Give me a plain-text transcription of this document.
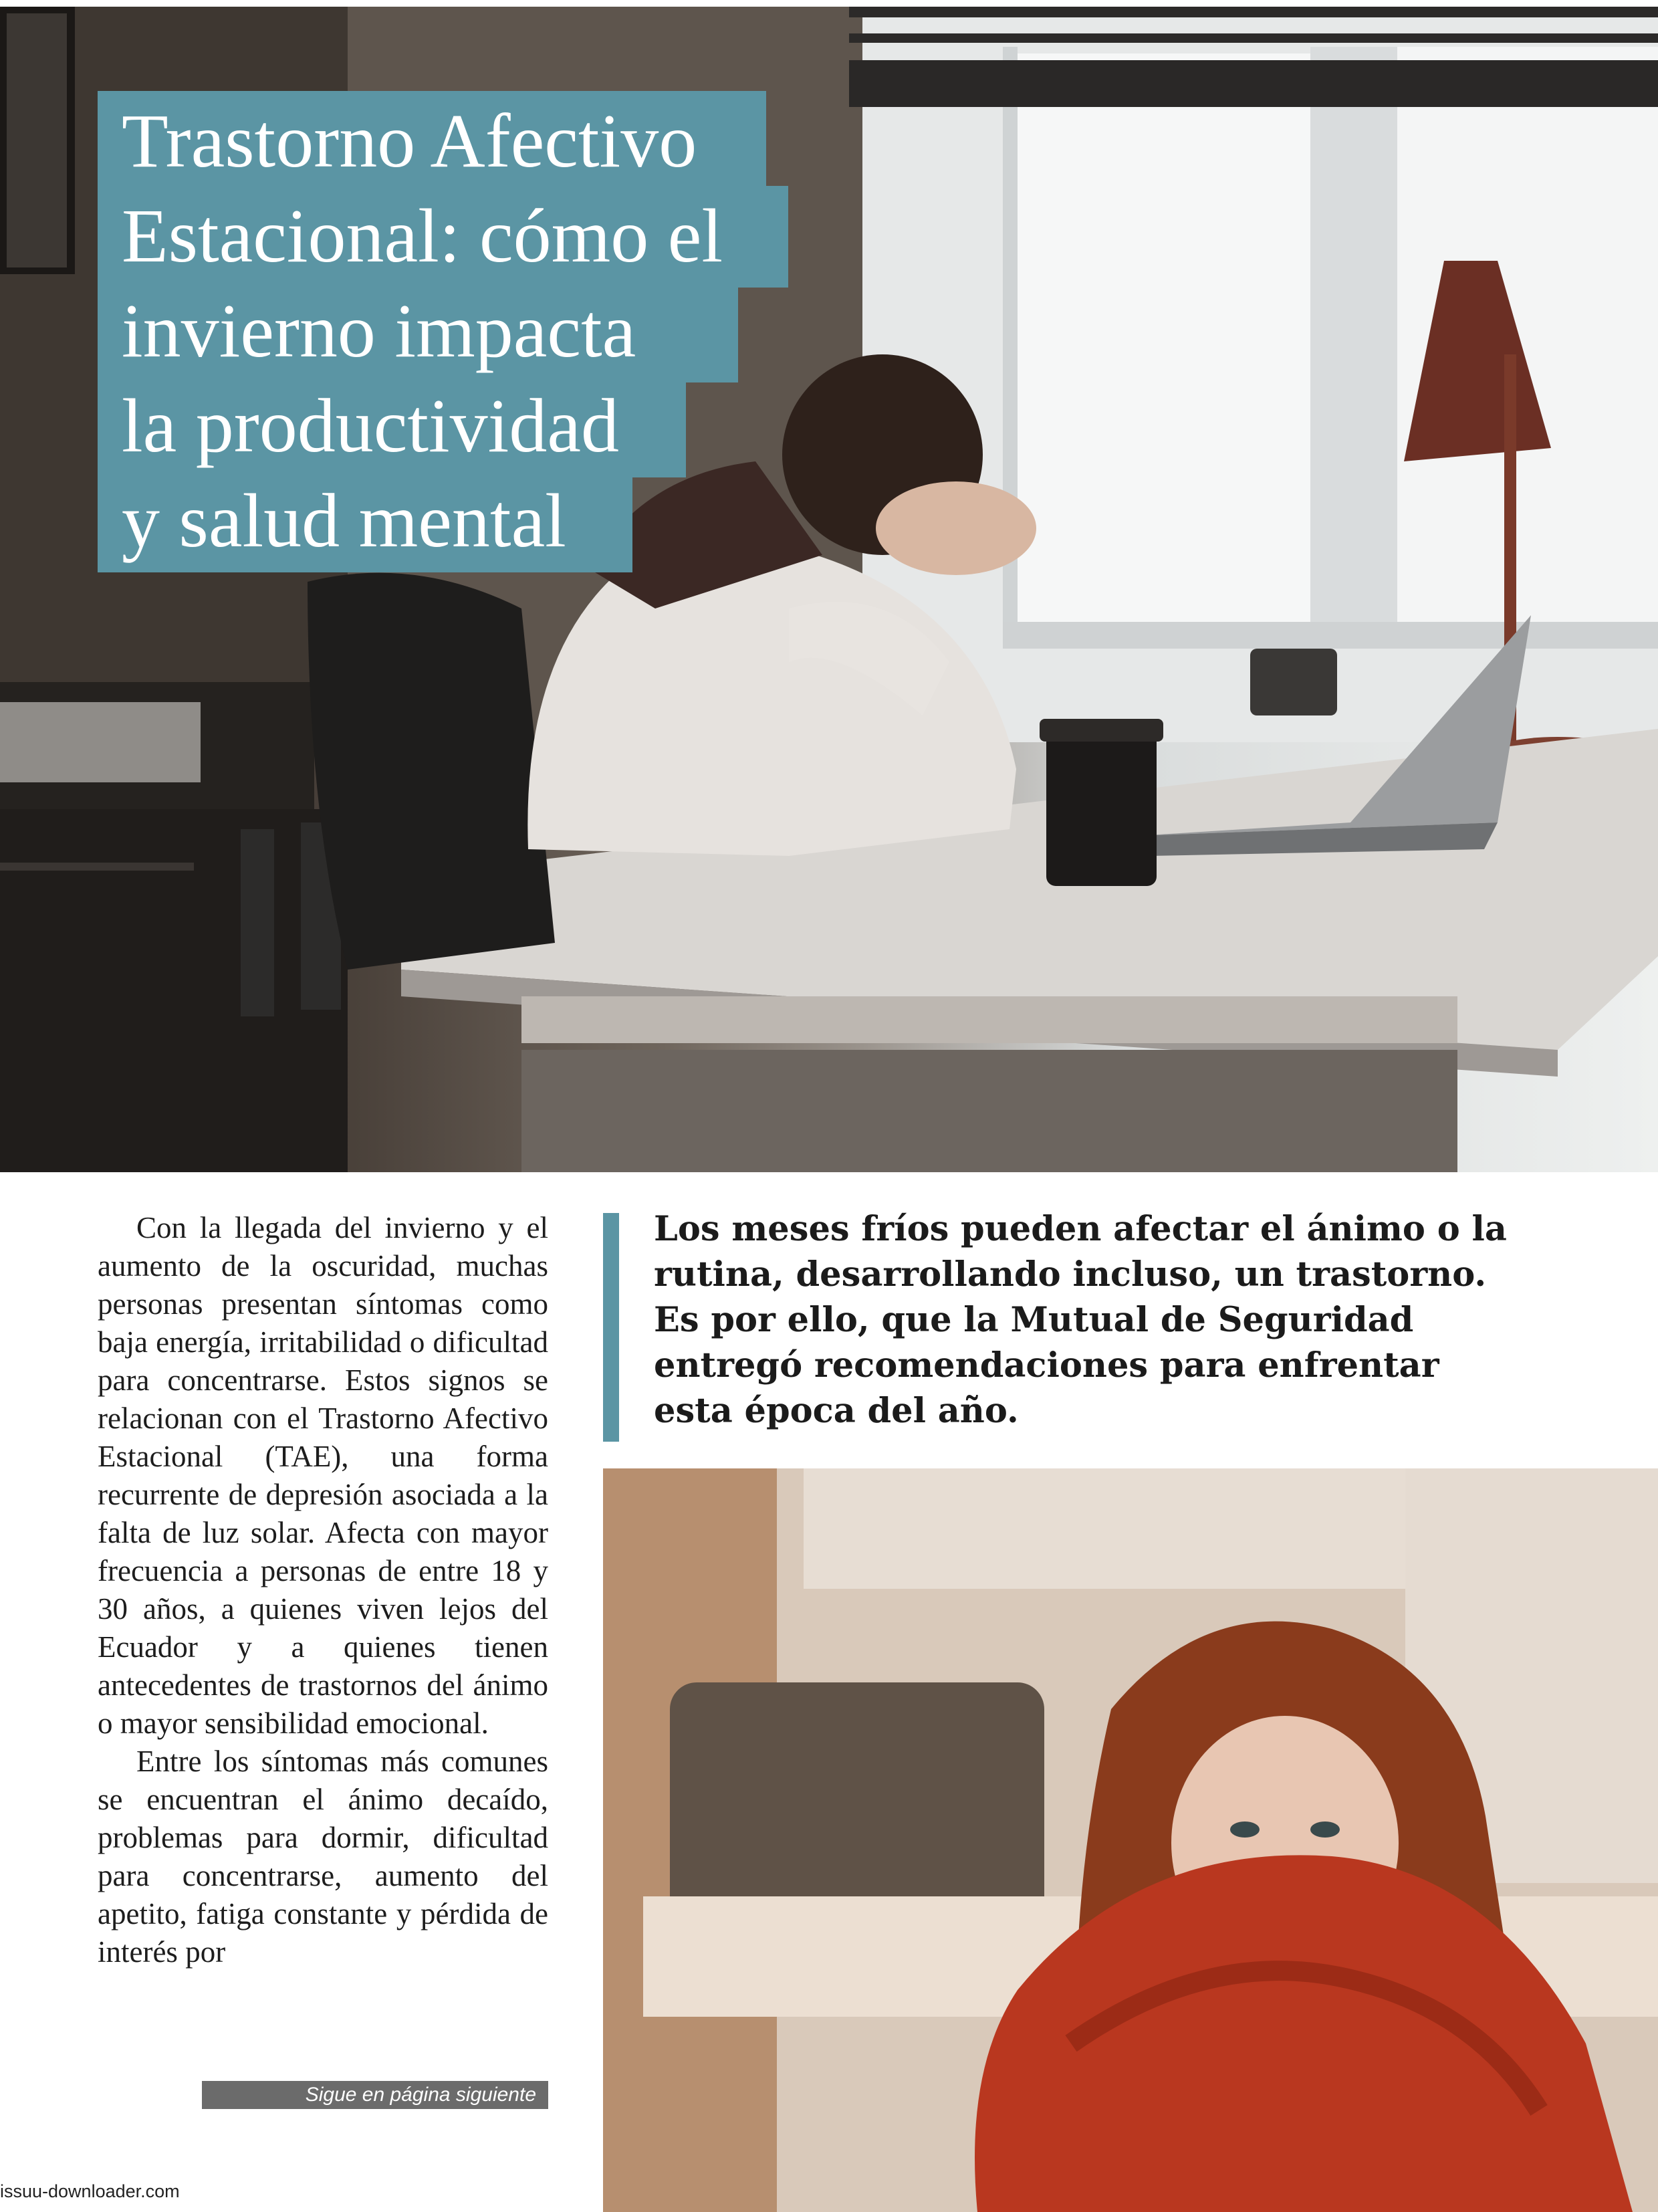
Trastorno Afectivo
Estacional: cómo el
invierno impacta
la productividad
y salud mental

Con la llegada del invierno y el aumento de la oscuridad, muchas personas presentan síntomas como baja energía, irritabilidad o dificultad para concentrarse. Estos signos se relacionan con el Trastorno Afectivo Estacional (TAE), una forma recurrente de depresión asociada a la falta de luz solar. Afecta con mayor frecuencia a personas de entre 18 y 30 años, a quienes viven lejos del Ecuador y a quienes tienen antecedentes de trastornos del ánimo o mayor sensibilidad emocional.

Entre los síntomas más comunes se encuentran el ánimo decaído, problemas para dormir, dificultad para concentrarse, aumento del apetito, fatiga constante y pérdida de interés por

Sigue en página siguiente
Los meses fríos pueden afectar el ánimo o la rutina, desarrollando incluso, un trastorno. Es por ello, que la Mutual de Seguridad entregó recomendaciones para enfrentar esta época del año.
issuu-downloader.com
